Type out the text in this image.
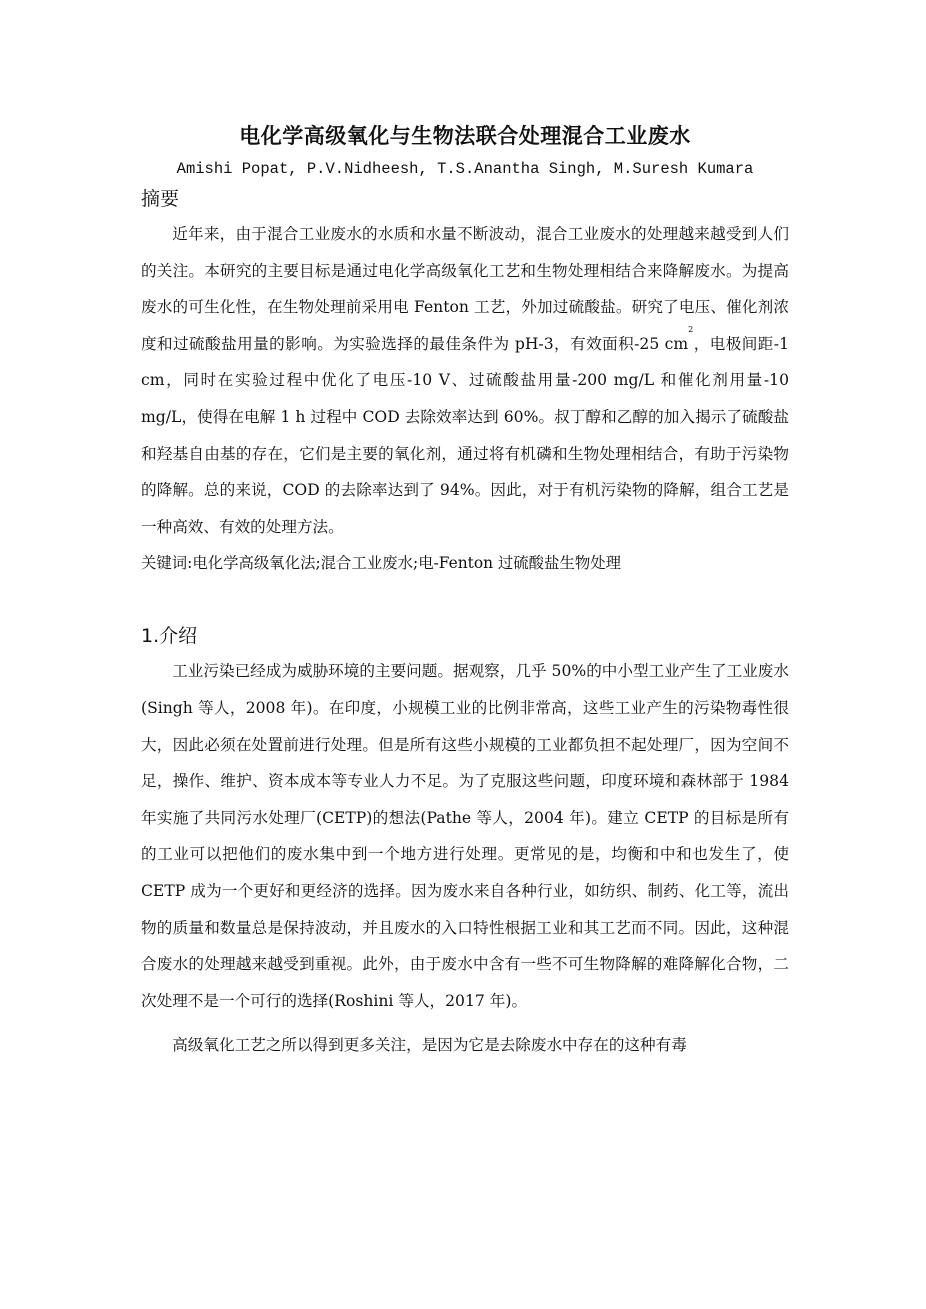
电化学高级氧化与生物法联合处理混合工业废水
Amishi Popat, P.V.Nidheesh, T.S.Anantha Singh, M.Suresh Kumara
摘要

近年来，由于混合工业废水的水质和水量不断波动，混合工业废水的处理越来越受到人们的关注。本研究的主要目标是通过电化学高级氧化工艺和生物处理相结合来降解废水。为提高废水的可生化性，在生物处理前采用电 Fenton 工艺，外加过硫酸盐。研究了电压、催化剂浓度和过硫酸盐用量的影响。为实验选择的最佳条件为 pH-3，有效面积-25 $cm^2$，电极间距-1 cm，同时在实验过程中优化了电压-10 V、过硫酸盐用量-200 mg/L 和催化剂用量-10 mg/L，使得在电解 1 h 过程中 COD 去除效率达到 60%。叔丁醇和乙醇的加入揭示了硫酸盐和羟基自由基的存在，它们是主要的氧化剂，通过将有机磷和生物处理相结合，有助于污染物的降解。总的来说，COD 的去除率达到了 94%。因此，对于有机污染物的降解，组合工艺是一种高效、有效的处理方法。

关键词:电化学高级氧化法;混合工业废水;电-Fenton 过硫酸盐生物处理

1.介绍

工业污染已经成为威胁环境的主要问题。据观察，几乎 50%的中小型工业产生了工业废水(Singh 等人，2008 年)。在印度，小规模工业的比例非常高，这些工业产生的污染物毒性很大，因此必须在处置前进行处理。但是所有这些小规模的工业都负担不起处理厂，因为空间不足，操作、维护、资本成本等专业人力不足。为了克服这些问题，印度环境和森林部于 1984 年实施了共同污水处理厂(CETP)的想法(Pathe 等人，2004 年)。建立 CETP 的目标是所有的工业可以把他们的废水集中到一个地方进行处理。更常见的是，均衡和中和也发生了，使 CETP 成为一个更好和更经济的选择。因为废水来自各种行业，如纺织、制药、化工等，流出物的质量和数量总是保持波动，并且废水的入口特性根据工业和其工艺而不同。因此，这种混合废水的处理越来越受到重视。此外，由于废水中含有一些不可生物降解的难降解化合物，二次处理不是一个可行的选择(Roshini 等人，2017 年)。

高级氧化工艺之所以得到更多关注，是因为它是去除废水中存在的这种有毒
